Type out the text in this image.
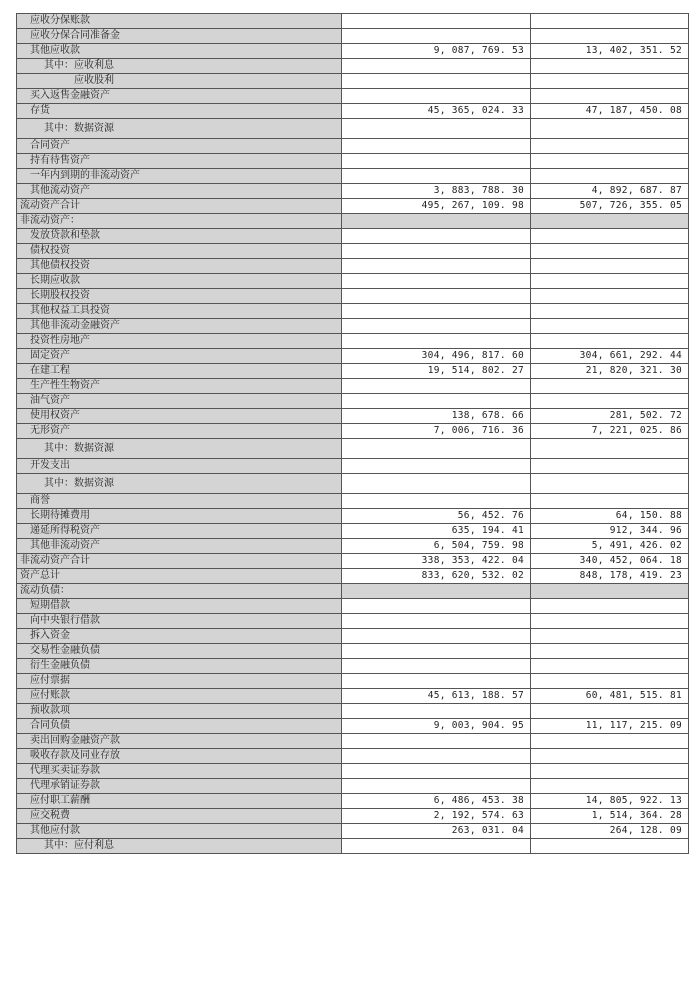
应收分保账款		
应收分保合同准备金		
其他应收款	9, 087, 769. 53	13, 402, 351. 52
其中：应收利息		
应收股利		
买入返售金融资产		
存货	45, 365, 024. 33	47, 187, 450. 08
其中：数据资源		
合同资产		
持有待售资产		
一年内到期的非流动资产		
其他流动资产	3, 883, 788. 30	4, 892, 687. 87
流动资产合计	495, 267, 109. 98	507, 726, 355. 05
非流动资产：		
发放贷款和垫款		
债权投资		
其他债权投资		
长期应收款		
长期股权投资		
其他权益工具投资		
其他非流动金融资产		
投资性房地产		
固定资产	304, 496, 817. 60	304, 661, 292. 44
在建工程	19, 514, 802. 27	21, 820, 321. 30
生产性生物资产		
油气资产		
使用权资产	138, 678. 66	281, 502. 72
无形资产	7, 006, 716. 36	7, 221, 025. 86
其中：数据资源		
开发支出		
其中：数据资源		
商誉		
长期待摊费用	56, 452. 76	64, 150. 88
递延所得税资产	635, 194. 41	912, 344. 96
其他非流动资产	6, 504, 759. 98	5, 491, 426. 02
非流动资产合计	338, 353, 422. 04	340, 452, 064. 18
资产总计	833, 620, 532. 02	848, 178, 419. 23
流动负债：		
短期借款		
向中央银行借款		
拆入资金		
交易性金融负债		
衍生金融负债		
应付票据		
应付账款	45, 613, 188. 57	60, 481, 515. 81
预收款项		
合同负债	9, 003, 904. 95	11, 117, 215. 09
卖出回购金融资产款		
吸收存款及同业存放		
代理买卖证券款		
代理承销证券款		
应付职工薪酬	6, 486, 453. 38	14, 805, 922. 13
应交税费	2, 192, 574. 63	1, 514, 364. 28
其他应付款	263, 031. 04	264, 128. 09
其中：应付利息		
